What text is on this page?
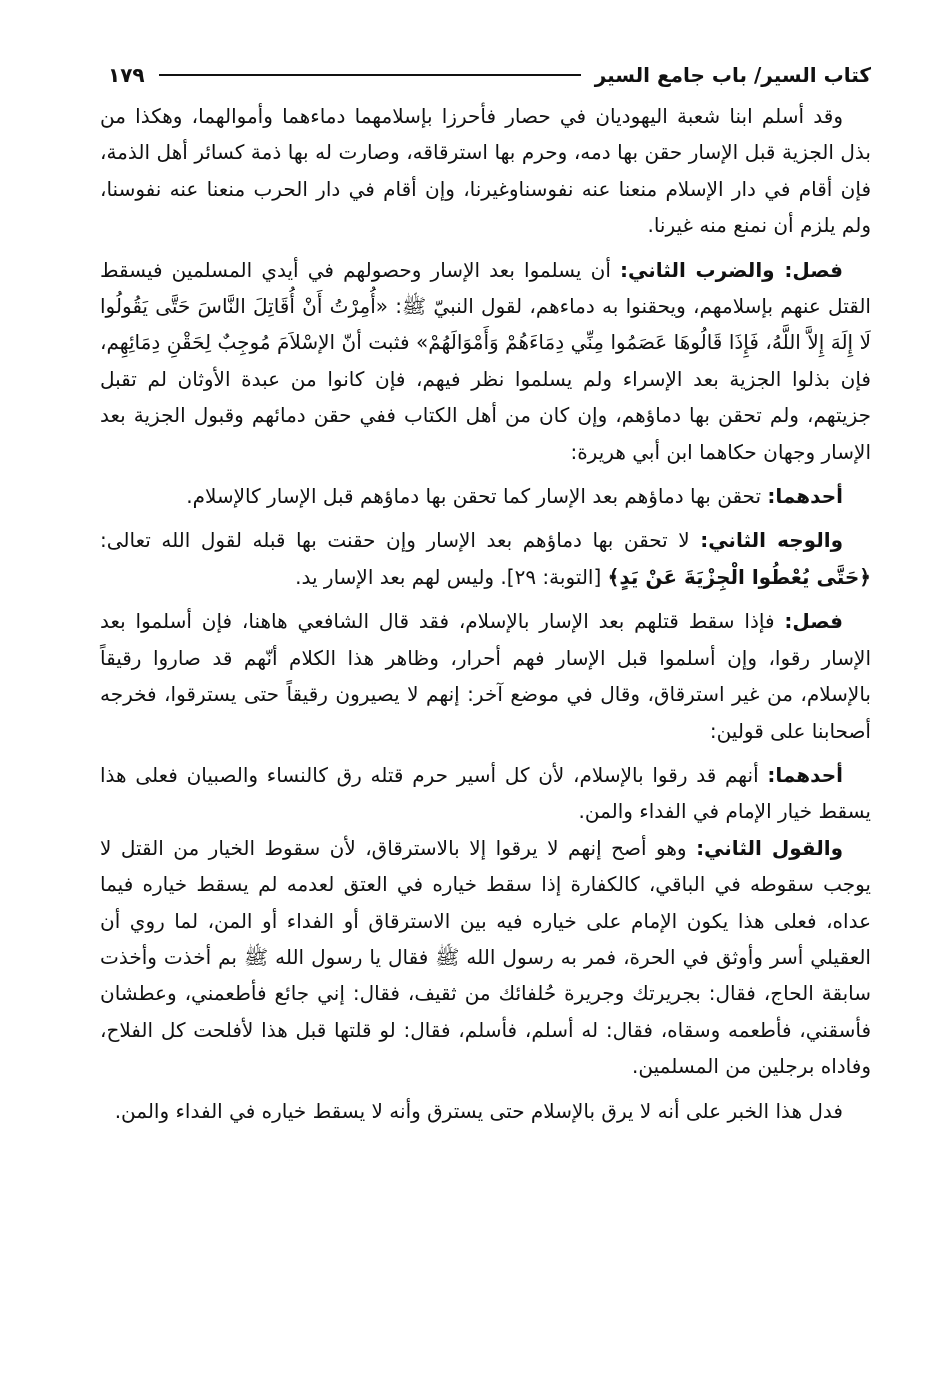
كتاب السير/ باب جامع السير
١٧٩

وقد أسلم ابنا شعبة اليهوديان في حصار فأحرزا بإسلامهما دماءهما وأموالهما، وهكذا من بذل الجزية قبل الإسار حقن بها دمه، وحرم بها استرقاقه، وصارت له بها ذمة كسائر أهل الذمة، فإن أقام في دار الإسلام منعنا عنه نفوسناوغيرنا، وإن أقام في دار الحرب منعنا عنه نفوسنا، ولم يلزم أن نمنع منه غيرنا.

فصل: والضرب الثاني: أن يسلموا بعد الإسار وحصولهم في أيدي المسلمين فيسقط القتل عنهم بإسلامهم، ويحقنوا به دماءهم، لقول النبيّ ﷺ: «أُمِرْتُ أَنْ أُقَاتِلَ النَّاسَ حَتَّى يَقُولُوا لَا إِلَهَ إِلاَّ اللَّهُ، فَإِذَا قَالُوهَا عَصَمُوا مِنِّي دِمَاءَهُمْ وَأَمْوَالَهُمْ» فثبت أنّ الإسْلاَمَ مُوجِبٌ لِحَقْنِ دِمَائِهِم، فإن بذلوا الجزية بعد الإسراء ولم يسلموا نظر فيهم، فإن كانوا من عبدة الأوثان لم تقبل جزيتهم، ولم تحقن بها دماؤهم، وإن كان من أهل الكتاب ففي حقن دمائهم وقبول الجزية بعد الإسار وجهان حكاهما ابن أبي هريرة:

أحدهما: تحقن بها دماؤهم بعد الإسار كما تحقن بها دماؤهم قبل الإسار كالإسلام.

والوجه الثاني: لا تحقن بها دماؤهم بعد الإسار وإن حقنت بها قبله لقول الله تعالى: ﴿حَتَّى يُعْطُوا الْجِزْيَةَ عَنْ يَدٍ﴾ [التوبة: ٢٩]. وليس لهم بعد الإسار يد.

فصل: فإذا سقط قتلهم بعد الإسار بالإسلام، فقد قال الشافعي هاهنا، فإن أسلموا بعد الإسار رقوا، وإن أسلموا قبل الإسار فهم أحرار، وظاهر هذا الكلام أنّهم قد صاروا رقيقاً بالإسلام، من غير استرقاق، وقال في موضع آخر: إنهم لا يصيرون رقيقاً حتى يسترقوا، فخرجه أصحابنا على قولين:

أحدهما: أنهم قد رقوا بالإسلام، لأن كل أسير حرم قتله رق كالنساء والصبيان فعلى هذا يسقط خيار الإمام في الفداء والمن.

والقول الثاني: وهو أصح إنهم لا يرقوا إلا بالاسترقاق، لأن سقوط الخيار من القتل لا يوجب سقوطه في الباقي، كالكفارة إذا سقط خياره في العتق لعدمه لم يسقط خياره فيما عداه، فعلى هذا يكون الإمام على خياره فيه بين الاسترقاق أو الفداء أو المن، لما روي أن العقيلي أسر وأوثق في الحرة، فمر به رسول الله ﷺ فقال يا رسول الله ﷺ بم أخذت وأخذت سابقة الحاج، فقال: بجريرتك وجريرة حُلفائك من ثقيف، فقال: إني جائع فأطعمني، وعطشان فأسقني، فأطعمه وسقاه، فقال: له أسلم، فأسلم، فقال: لو قلتها قبل هذا لأفلحت كل الفلاح، وفاداه برجلين من المسلمين.

فدل هذا الخبر على أنه لا يرق بالإسلام حتى يسترق وأنه لا يسقط خياره في الفداء والمن.
